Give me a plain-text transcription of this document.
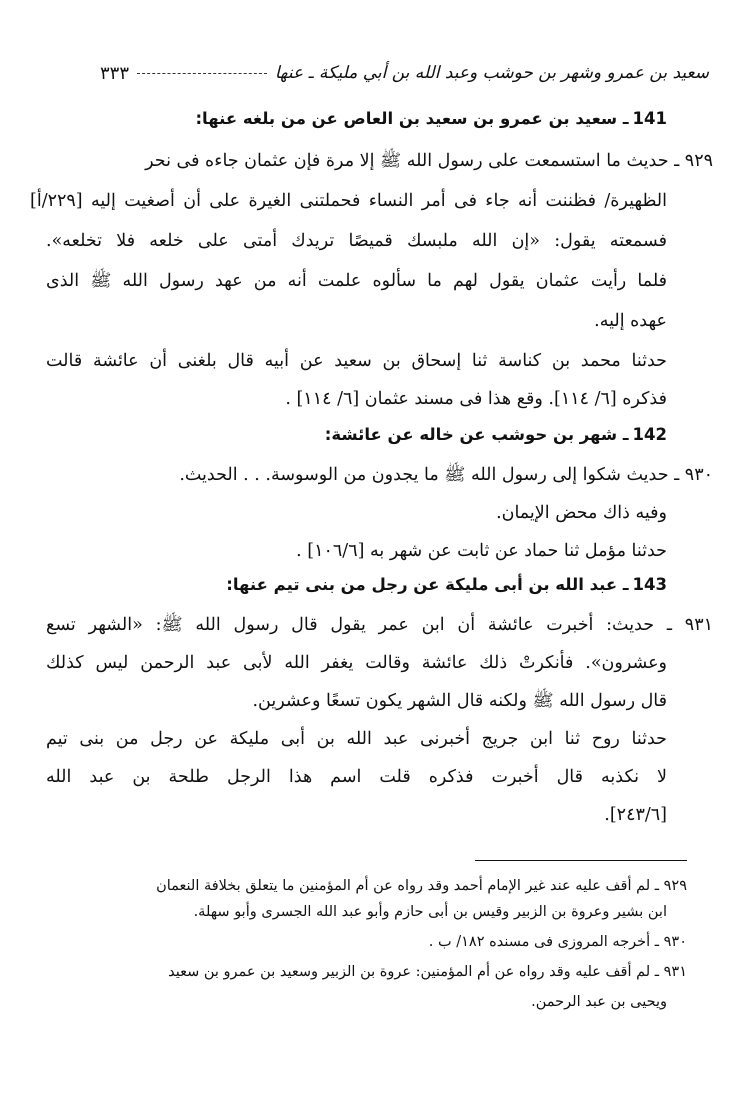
سعيد بن عمرو وشهر بن حوشب وعبد الله بن أبي مليكة ـ عنها
٣٣٣
141ـ سعيد بن عمرو بن سعيد بن العاص عن من بلغه عنها:
٩٢٩ ـ حديث ما استسمعت على رسول الله ﷺ إلا مرة فإن عثمان جاءه فى نحر
الظهيرة/ فظننت أنه جاء فى أمر النساء فحملتنى الغيرة على أن أصغيت إليه [٢٢٩/أ]
فسمعته يقول: «إن الله ملبسك قميصًا تريدك أمتى على خلعه فلا تخلعه».
فلما رأيت عثمان يقول لهم ما سألوه علمت أنه من عهد رسول الله ﷺ الذى
عهده إليه.
حدثنا محمد بن كناسة ثنا إسحاق بن سعيد عن أبيه قال بلغنى أن عائشة قالت
فذكره [٦/ ١١٤]. وقع هذا فى مسند عثمان [٦/ ١١٤] .
142ـ شهر بن حوشب عن خاله عن عائشة:
٩٣٠ ـ حديث شكوا إلى رسول الله ﷺ ما يجدون من الوسوسة. . . الحديث.
وفيه ذاك محض الإيمان.
حدثنا مؤمل ثنا حماد عن ثابت عن شهر به [١٠٦/٦] .
143ـ عبد الله بن أبى مليكة عن رجل من بنى تيم عنها:
٩٣١ ـ حديث: أخبرت عائشة أن ابن عمر يقول قال رسول الله ﷺ: «الشهر تسع
وعشرون». فأنكرتْ ذلك عائشة وقالت يغفر الله لأبى عبد الرحمن ليس كذلك
قال رسول الله ﷺ ولكنه قال الشهر يكون تسعًا وعشرين.
حدثنا روح ثنا ابن جريج أخبرنى عبد الله بن أبى مليكة عن رجل من بنى تيم
لا نكذبه قال أخبرت فذكره قلت اسم هذا الرجل طلحة بن عبد الله
[٢٤٣/٦].
٩٢٩ ـ لم أقف عليه عند غير الإمام أحمد وقد رواه عن أم المؤمنين ما يتعلق بخلافة النعمان
ابن بشير وعروة بن الزبير وقيس بن أبى حازم وأبو عبد الله الجسرى وأبو سهلة.
٩٣٠ ـ أخرجه المروزى فى مسنده ١٨٢/ ب .
٩٣١ ـ لم أقف عليه وقد رواه عن أم المؤمنين: عروة بن الزبير وسعيد بن عمرو بن سعيد
ويحيى بن عبد الرحمن.
